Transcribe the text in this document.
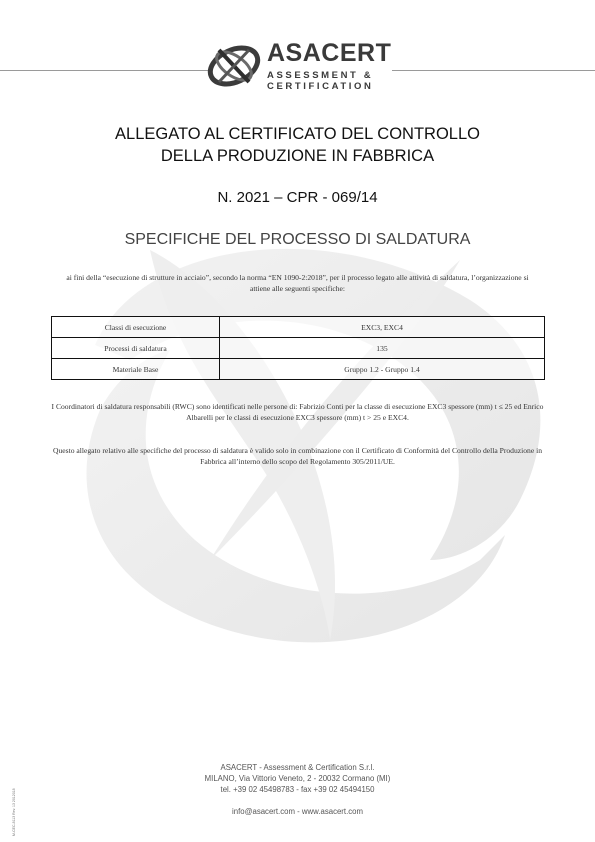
ASACERT
ASSESSMENT &
CERTIFICATION
ALLEGATO AL CERTIFICATO DEL CONTROLLO
DELLA PRODUZIONE IN FABBRICA
N. 2021 – CPR - 069/14
SPECIFICHE DEL PROCESSO DI SALDATURA
ai fini della “esecuzione di strutture in acciaio”, secondo la norma “EN 1090-2:2018”, per il processo legato alle attività di saldatura, l’organizzazione si attiene alle seguenti specifiche:
Classi di esecuzione	EXC3, EXC4
Processi di saldatura	135
Materiale Base	Gruppo 1.2 - Gruppo 1.4
I Coordinatori di saldatura responsabili (RWC) sono identificati nelle persone di: Fabrizio Conti per la classe di esecuzione EXC3 spessore (mm) t ≤ 25 ed Enrico Albarelli per le classi di esecuzione EXC3 spessore (mm) t > 25 e EXC4.
Questo allegato relativo alle specifiche del processo di saldatura è valido solo in combinazione con il Certificato di Conformità del Controllo della Produzione in Fabbrica all’interno dello scopo del Regolamento 305/2011/UE.
ASACERT - Assessment & Certification S.r.l.
MILANO, Via Vittorio Veneto, 2 - 20032 Cormano (MI)
tel. +39 02 45498783 - fax +39 02 45494150
info@asacert.com - www.asacert.com
M-CEC-8113 Rev. 13 2012018
